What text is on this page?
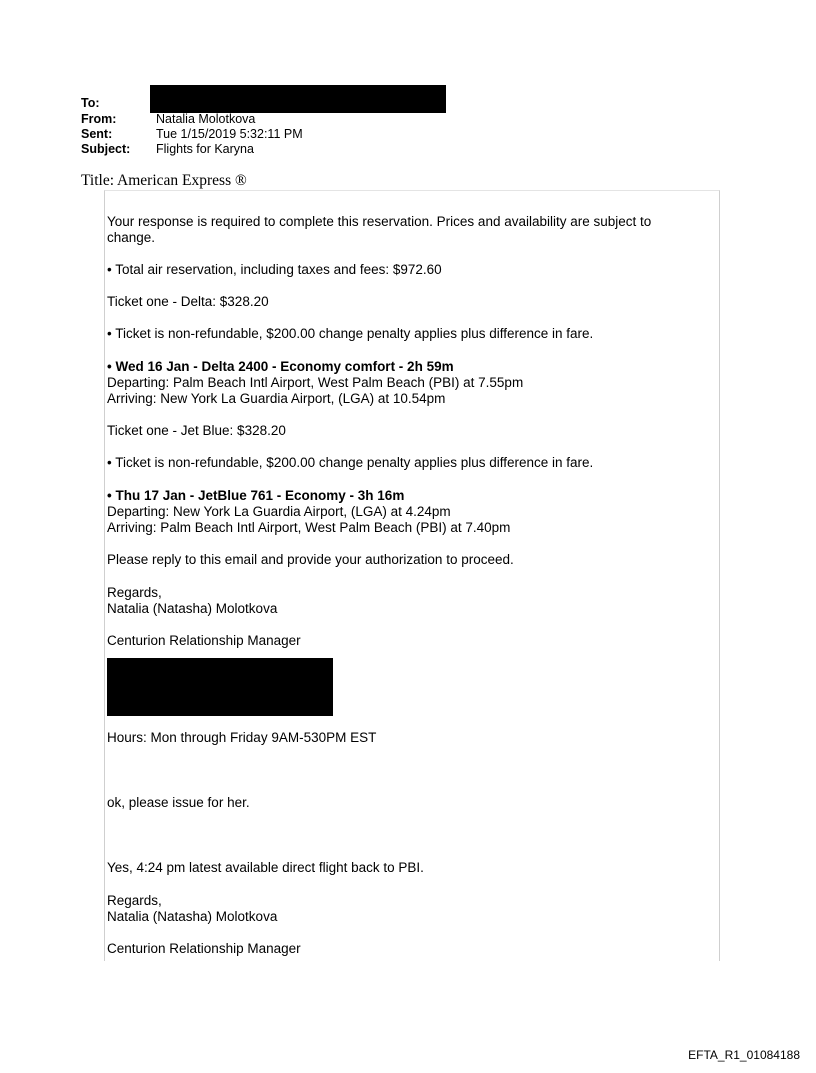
To:
From:	Natalia Molotkova
Sent:	Tue 1/15/2019 5:32:11 PM
Subject: Flights for Karyna
Title: American Express ®
Your response is required to complete this reservation. Prices and availability are subject to
change.
• Total air reservation, including taxes and fees: $972.60
Ticket one - Delta: $328.20
• Ticket is non-refundable, $200.00 change penalty applies plus difference in fare.
• Wed 16 Jan - Delta 2400 - Economy comfort - 2h 59m
Departing: Palm Beach Intl Airport, West Palm Beach (PBI) at 7.55pm
Arriving: New York La Guardia Airport, (LGA) at 10.54pm
Ticket one - Jet Blue: $328.20
• Ticket is non-refundable, $200.00 change penalty applies plus difference in fare.
• Thu 17 Jan - JetBlue 761 - Economy - 3h 16m
Departing: New York La Guardia Airport, (LGA) at 4.24pm
Arriving: Palm Beach Intl Airport, West Palm Beach (PBI) at 7.40pm
Please reply to this email and provide your authorization to proceed.
Regards,
Natalia (Natasha) Molotkova
Centurion Relationship Manager
Hours: Mon through Friday 9AM-530PM EST
ok, please issue for her.
Yes, 4:24 pm latest available direct flight back to PBI.
Regards,
Natalia (Natasha) Molotkova
Centurion Relationship Manager
EFTA_R1_01084188
